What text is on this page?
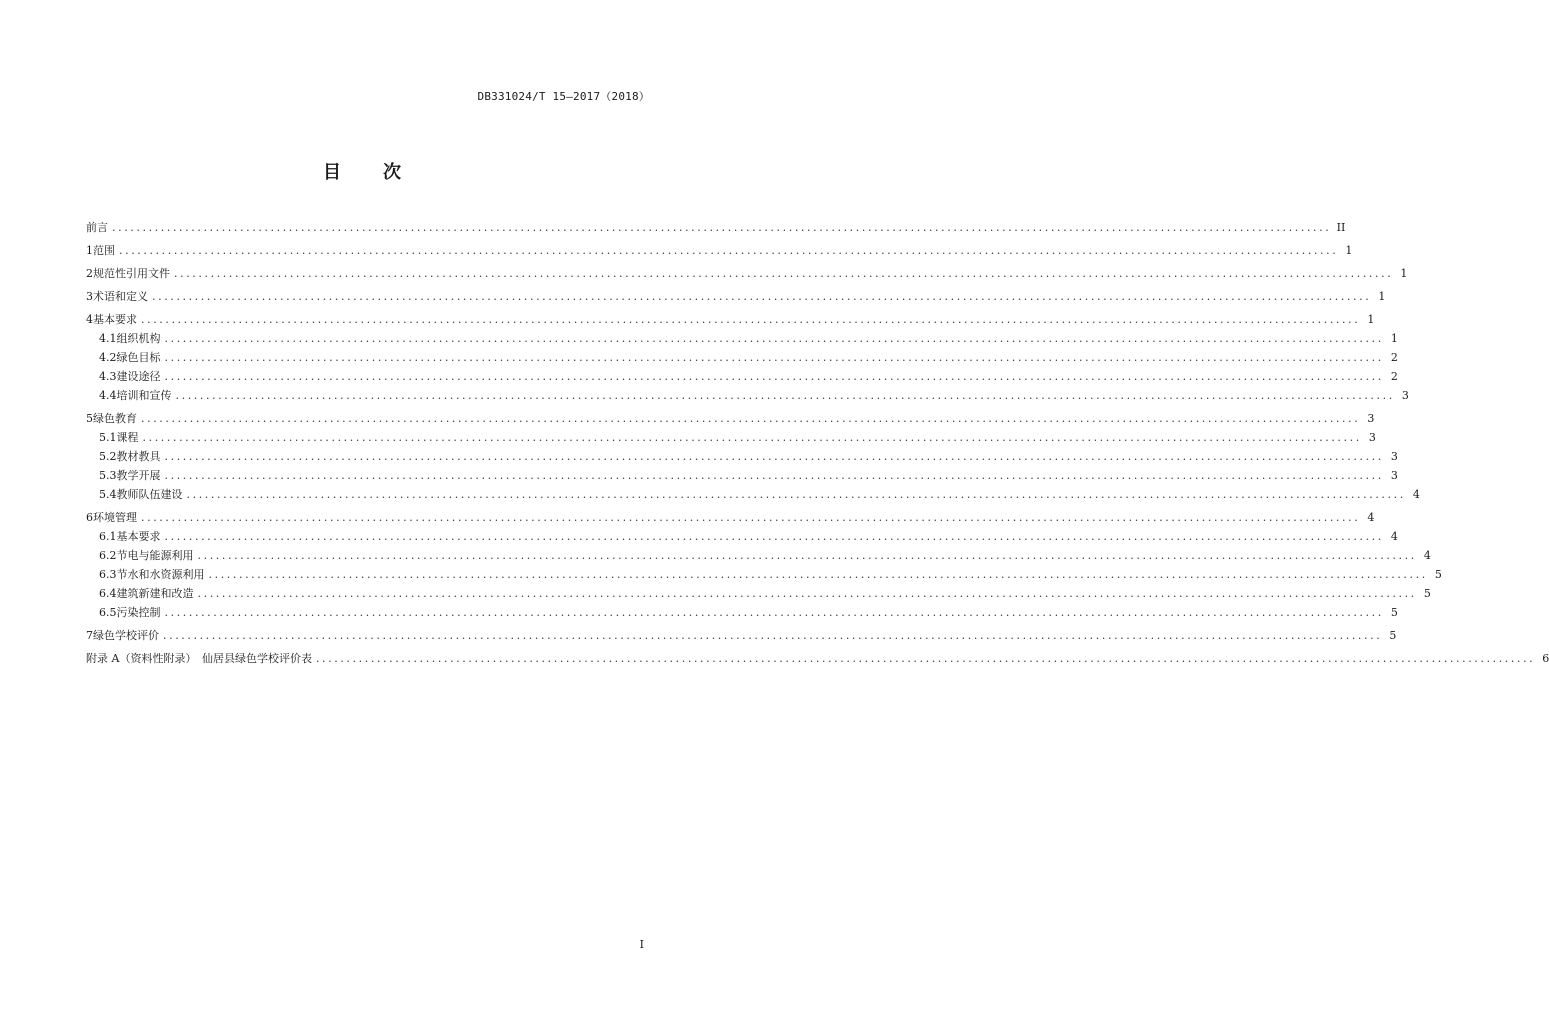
DB331024/T 15—2017（2018）
目 次
前言 ........................................................................................................................................................................................................ II
1 范围 ........................................................................................................................................................................................................ 1
2 规范性引用文件 ........................................................................................................................................................................................................ 1
3 术语和定义 ........................................................................................................................................................................................................ 1
4 基本要求 ........................................................................................................................................................................................................ 1
4.1 组织机构 ........................................................................................................................................................................................................ 1
4.2 绿色目标 ........................................................................................................................................................................................................ 2
4.3 建设途径 ........................................................................................................................................................................................................ 2
4.4 培训和宣传 ........................................................................................................................................................................................................ 3
5 绿色教育 ........................................................................................................................................................................................................ 3
5.1 课程 ........................................................................................................................................................................................................ 3
5.2 教材教具 ........................................................................................................................................................................................................ 3
5.3 教学开展 ........................................................................................................................................................................................................ 3
5.4 教师队伍建设 ........................................................................................................................................................................................................ 4
6 环境管理 ........................................................................................................................................................................................................ 4
6.1 基本要求 ........................................................................................................................................................................................................ 4
6.2 节电与能源利用 ........................................................................................................................................................................................................ 4
6.3 节水和水资源利用 ........................................................................................................................................................................................................ 5
6.4 建筑新建和改造 ........................................................................................................................................................................................................ 5
6.5 污染控制 ........................................................................................................................................................................................................ 5
7 绿色学校评价 ........................................................................................................................................................................................................ 5
附录 A（资料性附录）　仙居县绿色学校评价表 ........................................................................................................................................................................................................ 6
I
